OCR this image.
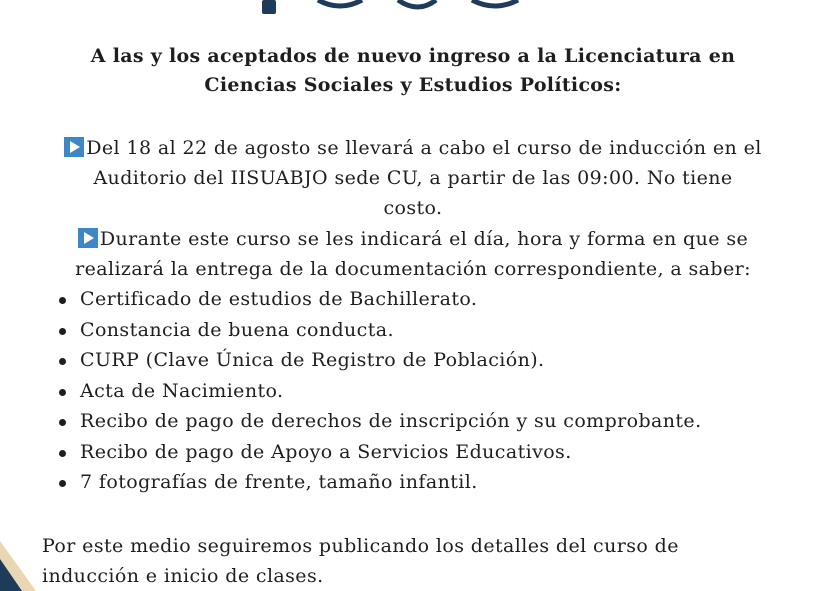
A las y los aceptados de nuevo ingreso a la Licenciatura en
Ciencias Sociales y Estudios Políticos:
Del 18 al 22 de agosto se llevará a cabo el curso de inducción en el
Auditorio del IISUABJO sede CU, a partir de las 09:00. No tiene
costo.
Durante este curso se les indicará el día, hora y forma en que se
realizará la entrega de la documentación correspondiente, a saber:
Certificado de estudios de Bachillerato.
Constancia de buena conducta.
CURP (Clave Única de Registro de Población).
Acta de Nacimiento.
Recibo de pago de derechos de inscripción y su comprobante.
Recibo de pago de Apoyo a Servicios Educativos.
7 fotografías de frente, tamaño infantil.
Por este medio seguiremos publicando los detalles del curso de
inducción e inicio de clases.
